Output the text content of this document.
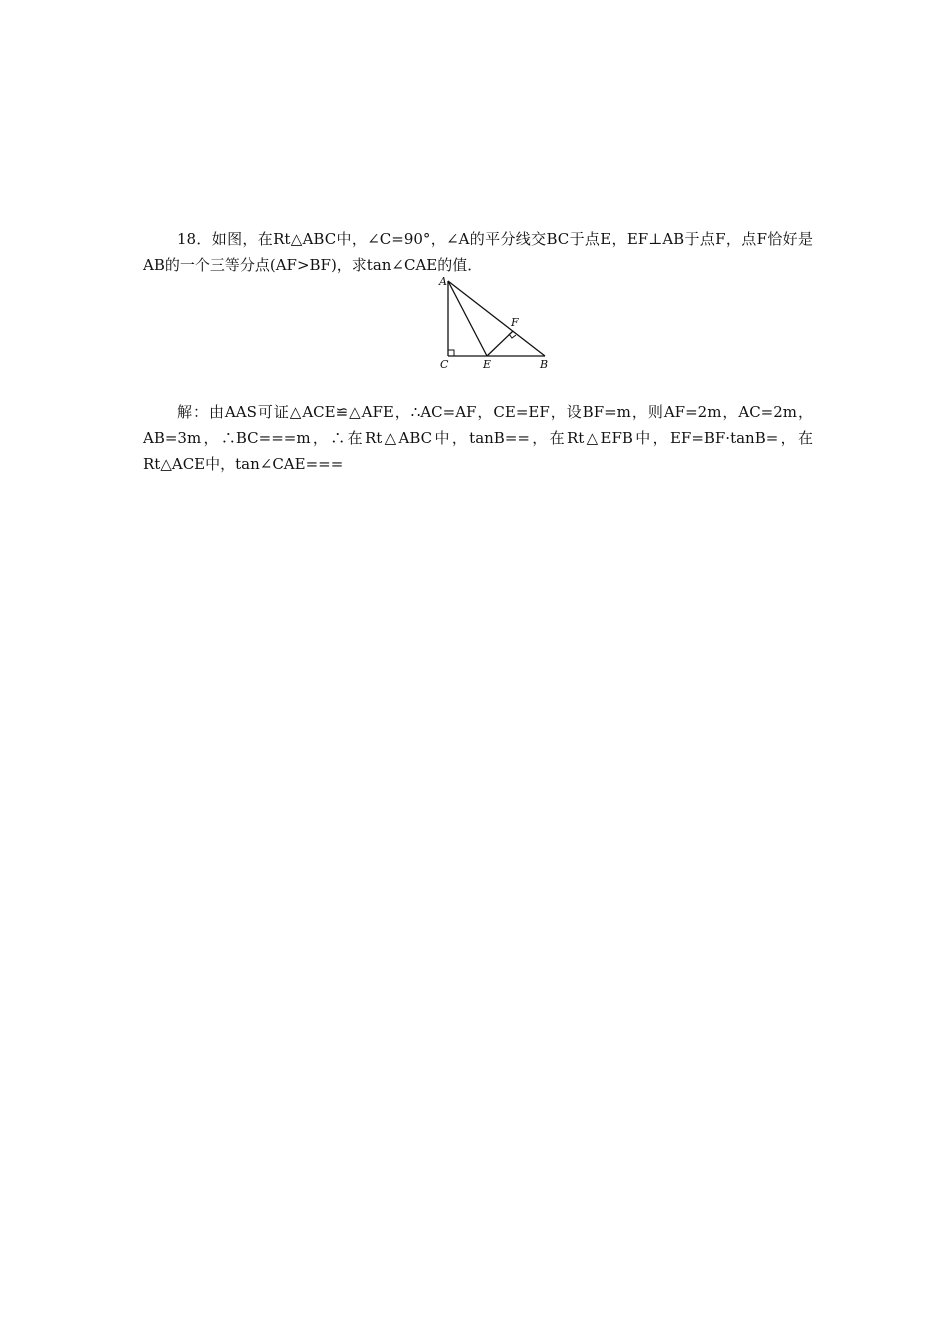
18．如图，在Rt△ABC中，∠C=90°，∠A的平分线交BC于点E，EF⊥AB于点F，点F恰好是AB的一个三等分点(AF>BF)，求tan∠CAE的值．
A
C	E	B
F
解：由AAS可证△ACE≌△AFE，∴AC=AF，CE=EF，设BF=m，则AF=2m，AC=2m，AB=3m，∴BC===m，∴在Rt△ABC中，tanB==，在Rt△EFB中，EF=BF·tanB=，在Rt△ACE中，tan∠CAE===
